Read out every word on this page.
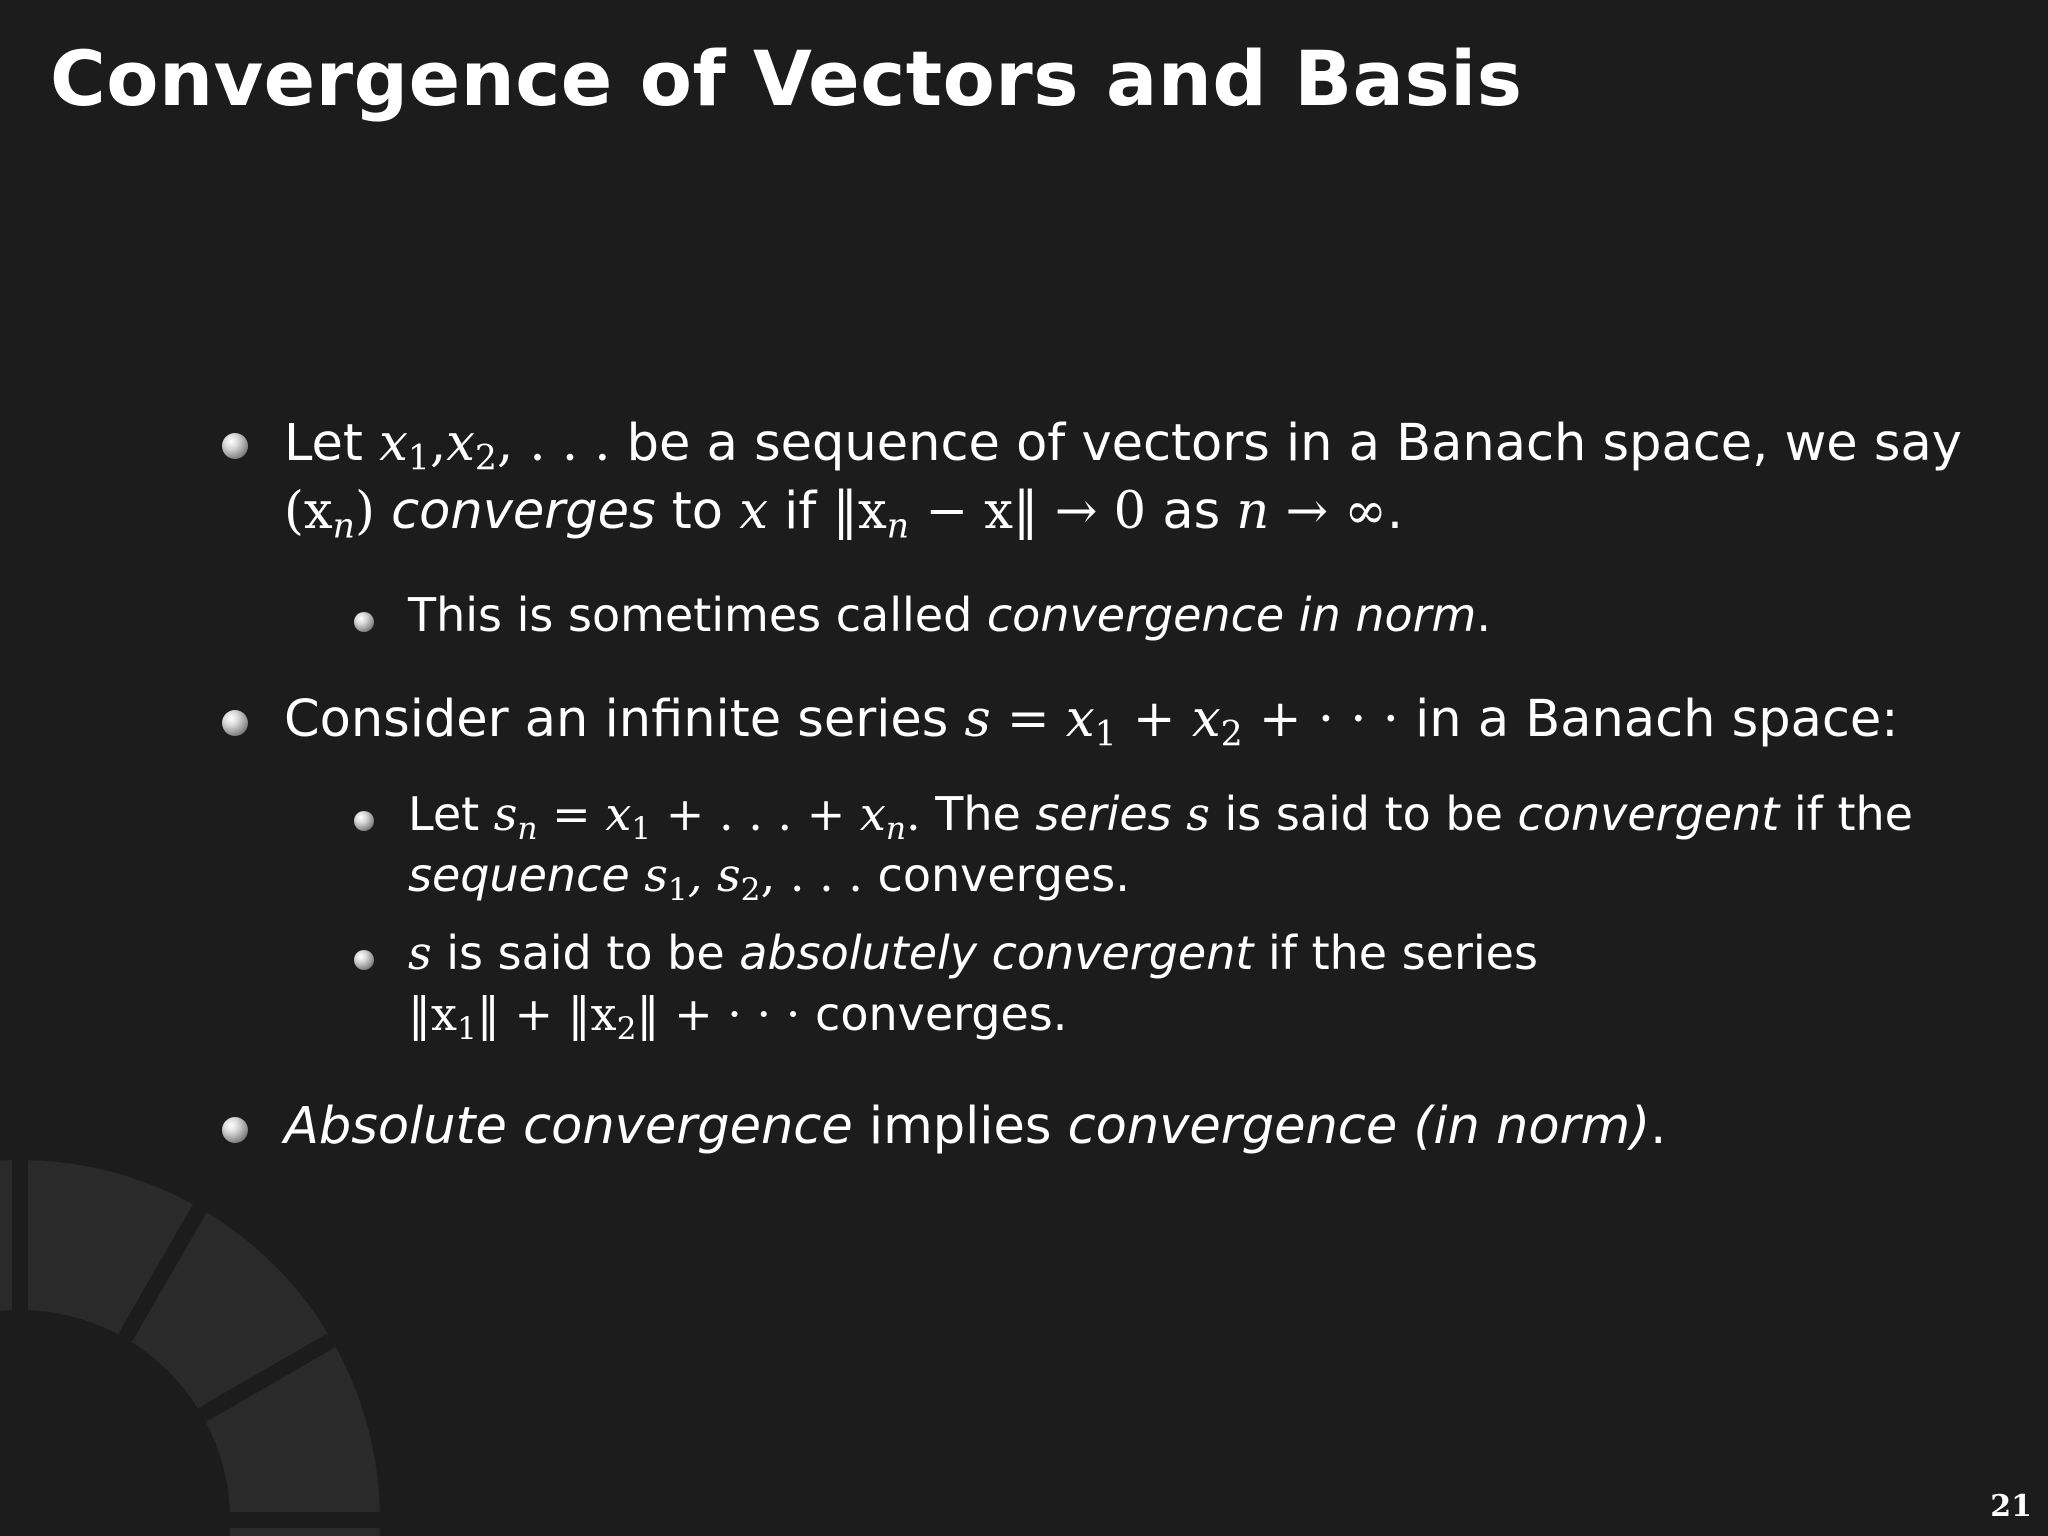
Convergence of Vectors and Basis
Let $x_1,x_2$, . . . be a sequence of vectors in a Banach space, we say $(x_n)$ converges to x if $‖x_n$ − x‖ → 0 as n → ∞.
This is sometimes called convergence in norm.
Consider an infinite series $s = x_1 + x_2$ + · · · in a Banach space:
Let $s_n = x_1$ + . . . + $x_n$. The series s is said to be convergent if the sequence $s_1$, $s_2$, . . . converges.
s is said to be absolutely convergent if the series $‖x_1‖$ + $‖x_2‖$ + · · · converges.
Absolute convergence implies convergence (in norm).
21
